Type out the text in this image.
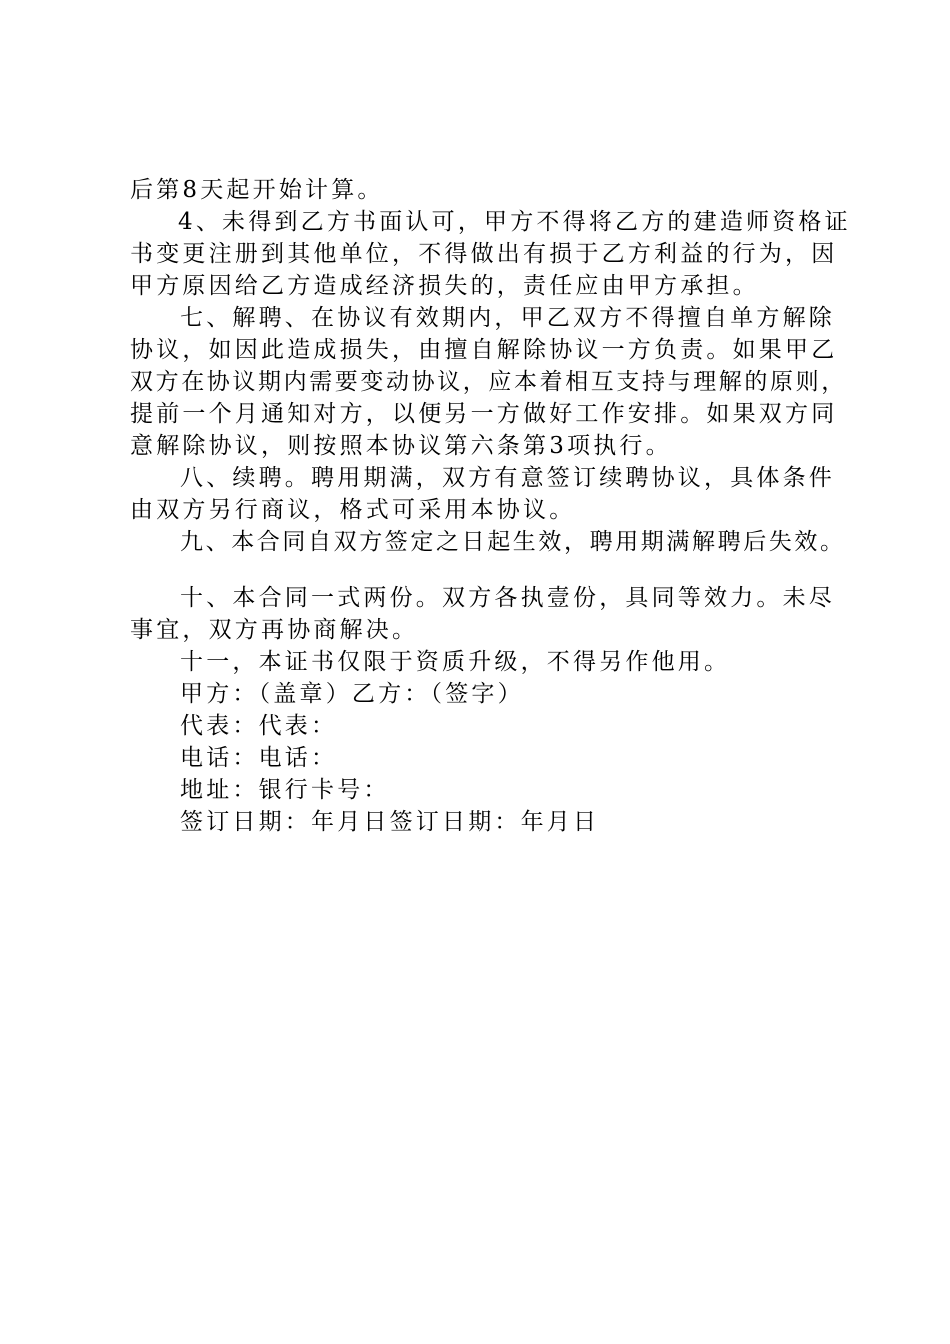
后第8天起开始计算。
4、未得到乙方书面认可，甲方不得将乙方的建造师资格证
书变更注册到其他单位，不得做出有损于乙方利益的行为，因
甲方原因给乙方造成经济损失的，责任应由甲方承担。
七、解聘、在协议有效期内，甲乙双方不得擅自单方解除
协议，如因此造成损失，由擅自解除协议一方负责。如果甲乙
双方在协议期内需要变动协议，应本着相互支持与理解的原则，
提前一个月通知对方，以便另一方做好工作安排。如果双方同
意解除协议，则按照本协议第六条第3项执行。
八、续聘。聘用期满，双方有意签订续聘协议，具体条件
由双方另行商议，格式可采用本协议。
九、本合同自双方签定之日起生效，聘用期满解聘后失效。
十、本合同一式两份。双方各执壹份，具同等效力。未尽
事宜，双方再协商解决。
十一，本证书仅限于资质升级，不得另作他用。
甲方：（盖章）乙方：（签字）
代表：代表：
电话：电话：
地址：银行卡号：
签订日期：年月日签订日期：年月日
